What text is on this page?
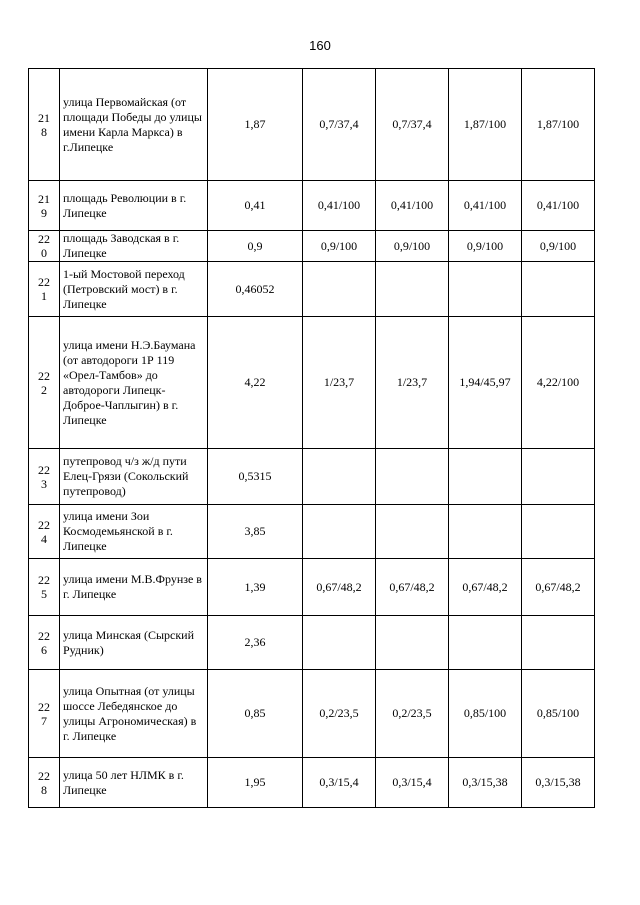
160
21
8	улица Первомайская (от площади Победы до улицы имени Карла Маркса) в г.Липецке	1,87	0,7/37,4	0,7/37,4	1,87/100	1,87/100
21
9	площадь Революции в г. Липецке	0,41	0,41/100	0,41/100	0,41/100	0,41/100
22
0	площадь Заводская в г. Липецке	0,9	0,9/100	0,9/100	0,9/100	0,9/100
22
1	1-ый Мостовой переход (Петровский мост) в г. Липецке	0,46052				
22
2	улица имени Н.Э.Баумана (от автодороги 1Р 119 «Орел-Тамбов» до автодороги Липецк-Доброе-Чаплыгин) в г. Липецке	4,22	1/23,7	1/23,7	1,94/45,97	4,22/100
22
3	путепровод ч/з ж/д пути Елец-Грязи (Сокольский путепровод)	0,5315				
22
4	улица имени Зои Космодемьянской в г. Липецке	3,85				
22
5	улица имени М.В.Фрунзе в г. Липецке	1,39	0,67/48,2	0,67/48,2	0,67/48,2	0,67/48,2
22
6	улица Минская (Сырский Рудник)	2,36				
22
7	улица Опытная (от улицы шоссе Лебедянское до улицы Агрономическая) в г. Липецке	0,85	0,2/23,5	0,2/23,5	0,85/100	0,85/100
22
8	улица 50 лет НЛМК в г. Липецке	1,95	0,3/15,4	0,3/15,4	0,3/15,38	0,3/15,38
